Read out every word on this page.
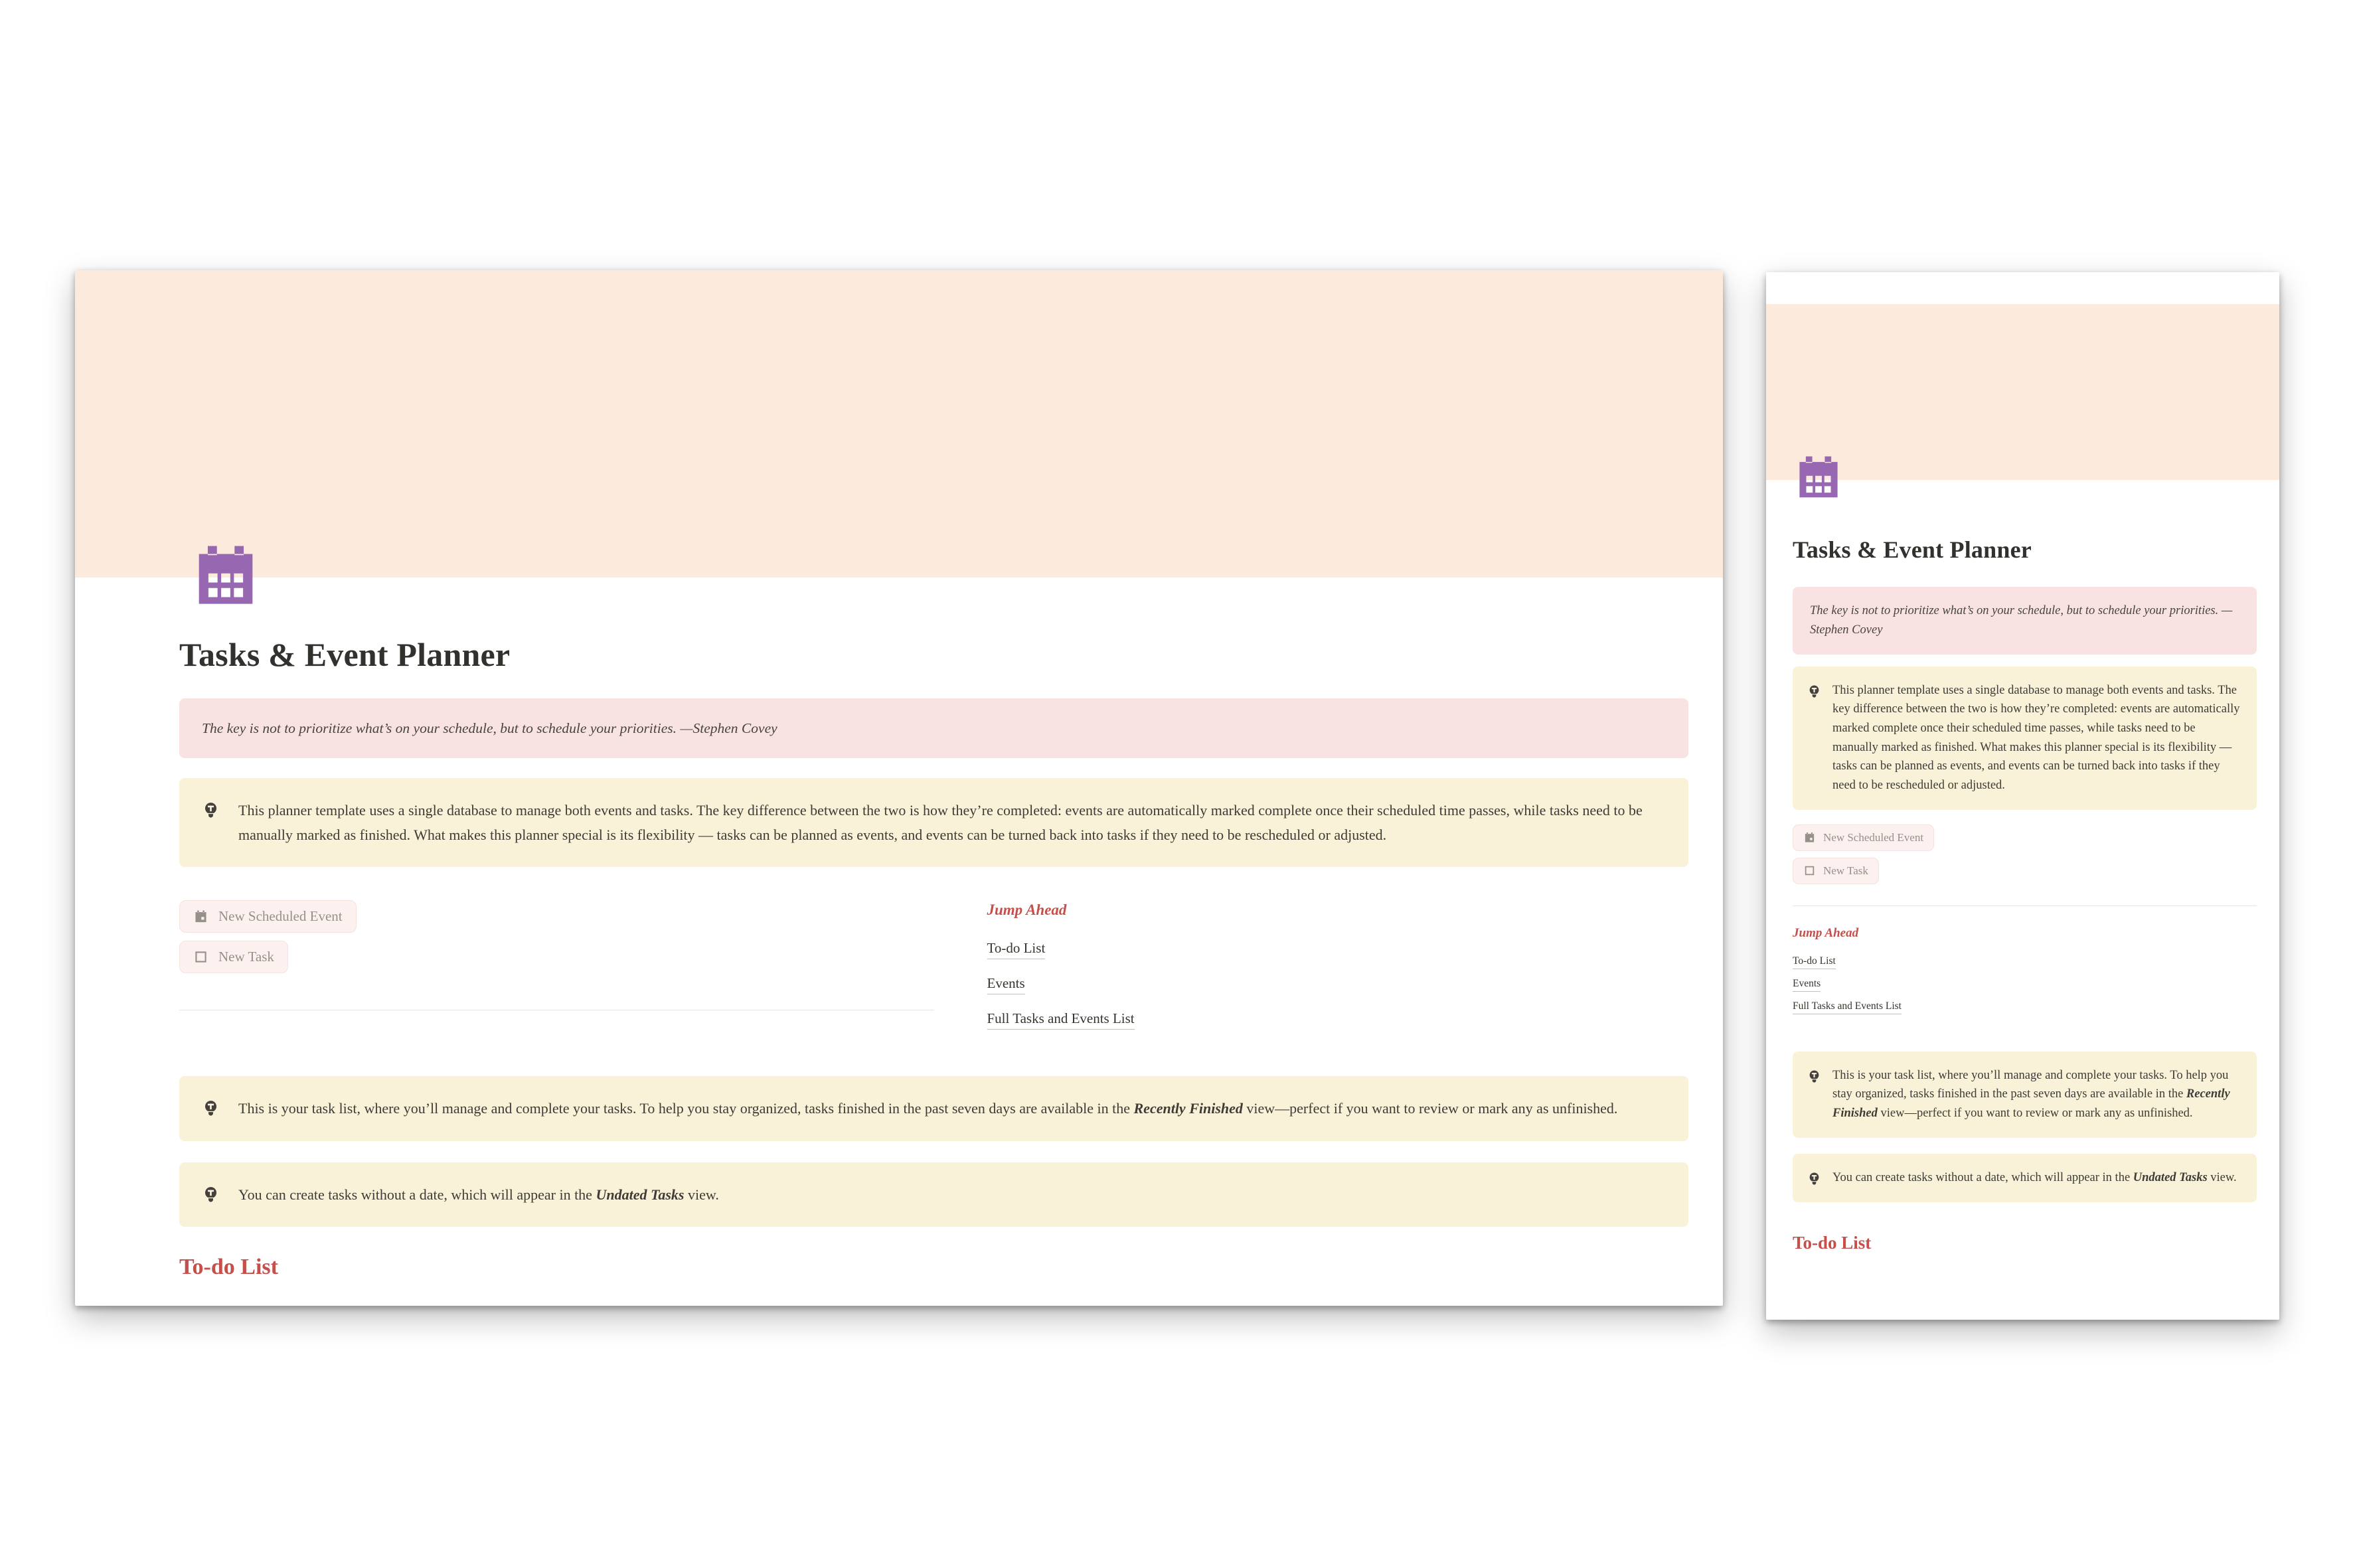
Tasks & Event Planner
The key is not to prioritize what’s on your schedule, but to schedule your priorities. —Stephen Covey

This planner template uses a single database to manage both events and tasks. The key difference between the two is how they’re completed: events are automatically marked complete once their scheduled time passes, while tasks need to be manually marked as finished. What makes this planner special is its flexibility — tasks can be planned as events, and events can be turned back into tasks if they need to be rescheduled or adjusted.

New Scheduled Event
New Task
Jump Ahead
To-do List
Events
Full Tasks and Events List

This is your task list, where you’ll manage and complete your tasks. To help you stay organized, tasks finished in the past seven days are available in the Recently Finished view—perfect if you want to review or mark any as unfinished.

You can create tasks without a date, which will appear in the Undated Tasks view.

To-do List
Tasks & Event Planner
The key is not to prioritize what’s on your schedule, but to schedule your priorities. —Stephen Covey

This planner template uses a single database to manage both events and tasks. The key difference between the two is how they’re completed: events are automatically marked complete once their scheduled time passes, while tasks need to be manually marked as finished. What makes this planner special is its flexibility — tasks can be planned as events, and events can be turned back into tasks if they need to be rescheduled or adjusted.

New Scheduled Event
New Task
Jump Ahead
To-do List
Events
Full Tasks and Events List

This is your task list, where you’ll manage and complete your tasks. To help you stay organized, tasks finished in the past seven days are available in the Recently Finished view—perfect if you want to review or mark any as unfinished.

You can create tasks without a date, which will appear in the Undated Tasks view.

To-do List
